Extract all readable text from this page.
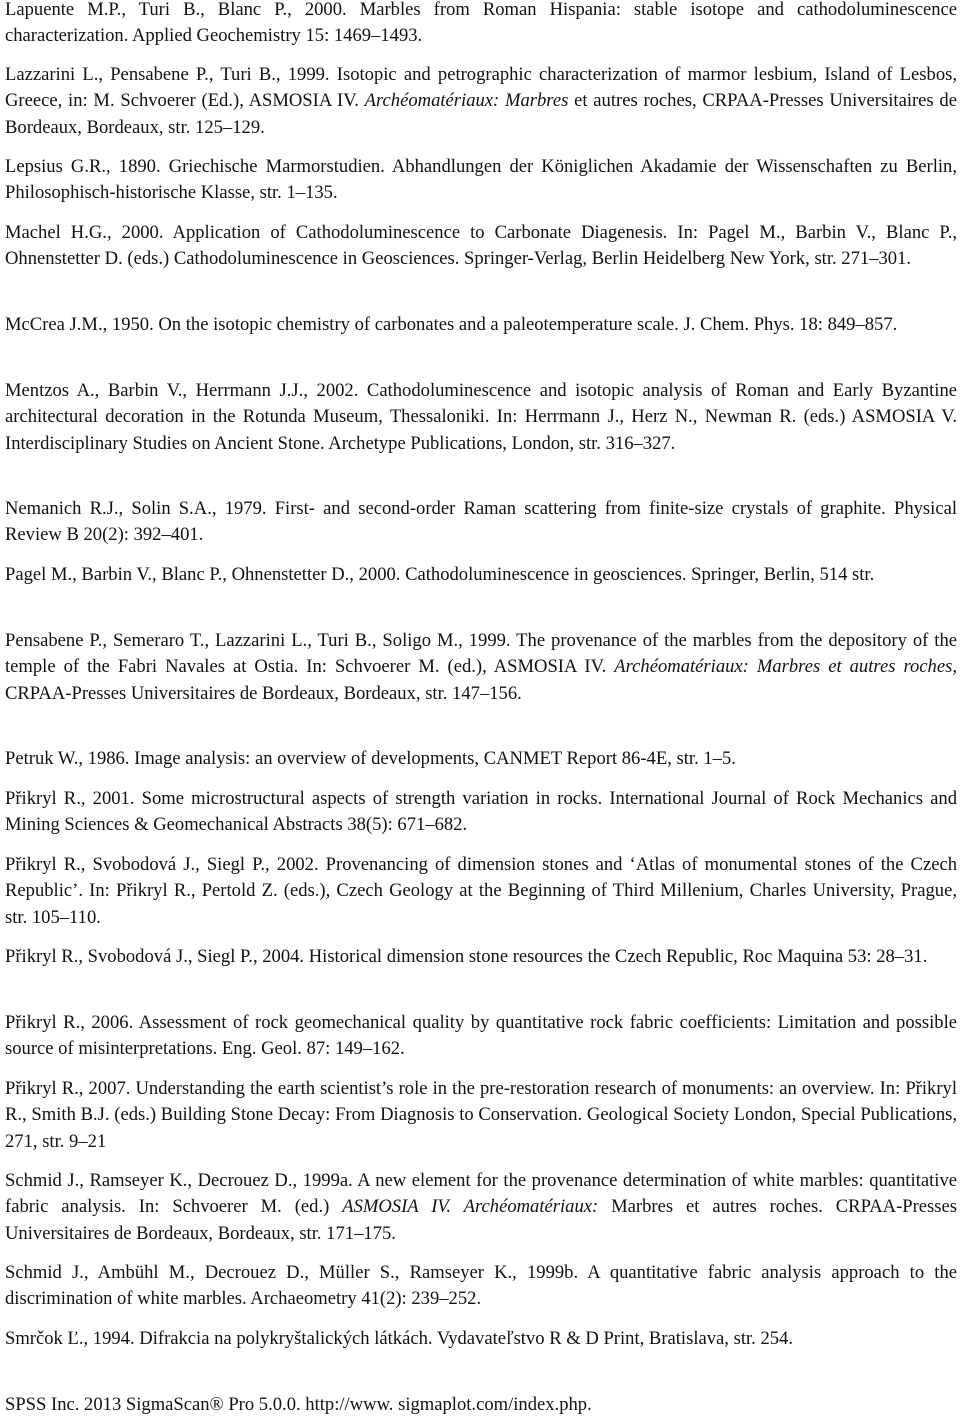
Lapuente M.P., Turi B., Blanc P., 2000. Marbles from Roman Hispania: stable isotope and cathodoluminescence characterization. Applied Geochemistry 15: 1469–1493.

Lazzarini L., Pensabene P., Turi B., 1999. Isotopic and petrographic characterization of marmor lesbium, Island of Lesbos, Greece, in: M. Schvoerer (Ed.), ASMOSIA IV. Archéomatériaux: Marbres et autres roches, CRPAA-Presses Universitaires de Bordeaux, Bordeaux, str. 125–129.

Lepsius G.R., 1890. Griechische Marmorstudien. Abhandlungen der Königlichen Akadamie der Wissenschaften zu Berlin, Philosophisch-historische Klasse, str. 1–135.

Machel H.G., 2000. Application of Cathodoluminescence to Carbonate Diagenesis. In: Pagel M., Barbin V., Blanc P., Ohnenstetter D. (eds.) Cathodoluminescence in Geosciences. Springer-Verlag, Berlin Heidelberg New York, str. 271–301.

McCrea J.M., 1950. On the isotopic chemistry of carbonates and a paleotemperature scale. J. Chem. Phys. 18: 849–857.

Mentzos A., Barbin V., Herrmann J.J., 2002. Cathodoluminescence and isotopic analysis of Roman and Early Byzantine architectural decoration in the Rotunda Museum, Thessaloniki. In: Herrmann J., Herz N., Newman R. (eds.) ASMOSIA V. Interdisciplinary Studies on Ancient Stone. Archetype Publications, London, str. 316–327.

Nemanich R.J., Solin S.A., 1979. First- and second-order Raman scattering from finite-size crystals of graphite. Physical Review B 20(2): 392–401.

Pagel M., Barbin V., Blanc P., Ohnenstetter D., 2000. Cathodoluminescence in geosciences. Springer, Berlin, 514 str.

Pensabene P., Semeraro T., Lazzarini L., Turi B., Soligo M., 1999. The provenance of the marbles from the depository of the temple of the Fabri Navales at Ostia. In: Schvoerer M. (ed.), ASMOSIA IV. Archéomatériaux: Marbres et autres roches, CRPAA-Presses Universitaires de Bordeaux, Bordeaux, str. 147–156.

Petruk W., 1986. Image analysis: an overview of developments, CANMET Report 86-4E, str. 1–5.

Přikryl R., 2001. Some microstructural aspects of strength variation in rocks. International Journal of Rock Mechanics and Mining Sciences & Geomechanical Abstracts 38(5): 671–682.

Přikryl R., Svobodová J., Siegl P., 2002. Provenancing of dimension stones and ‘Atlas of monumental stones of the Czech Republic’. In: Přikryl R., Pertold Z. (eds.), Czech Geology at the Beginning of Third Millenium, Charles University, Prague, str. 105–110.

Přikryl R., Svobodová J., Siegl P., 2004. Historical dimension stone resources the Czech Republic, Roc Maquina 53: 28–31.

Přikryl R., 2006. Assessment of rock geomechanical quality by quantitative rock fabric coefficients: Limitation and possible source of misinterpretations. Eng. Geol. 87: 149–162.

Přikryl R., 2007. Understanding the earth scientist’s role in the pre-restoration research of monuments: an overview. In: Přikryl R., Smith B.J. (eds.) Building Stone Decay: From Diagnosis to Conservation. Geological Society London, Special Publications, 271, str. 9–21

Schmid J., Ramseyer K., Decrouez D., 1999a. A new element for the provenance determination of white marbles: quantitative fabric analysis. In: Schvoerer M. (ed.) ASMOSIA IV. Archéomatériaux: Marbres et autres roches. CRPAA-Presses Universitaires de Bordeaux, Bordeaux, str. 171–175.

Schmid J., Ambühl M., Decrouez D., Müller S., Ramseyer K., 1999b. A quantitative fabric analysis approach to the discrimination of white marbles. Archaeometry 41(2): 239–252.

Smrčok Ľ., 1994. Difrakcia na polykryštalických látkách. Vydavateľstvo R & D Print, Bratislava, str. 254.

SPSS Inc. 2013 SigmaScan® Pro 5.0.0. http://www. sigmaplot.com/index.php.
